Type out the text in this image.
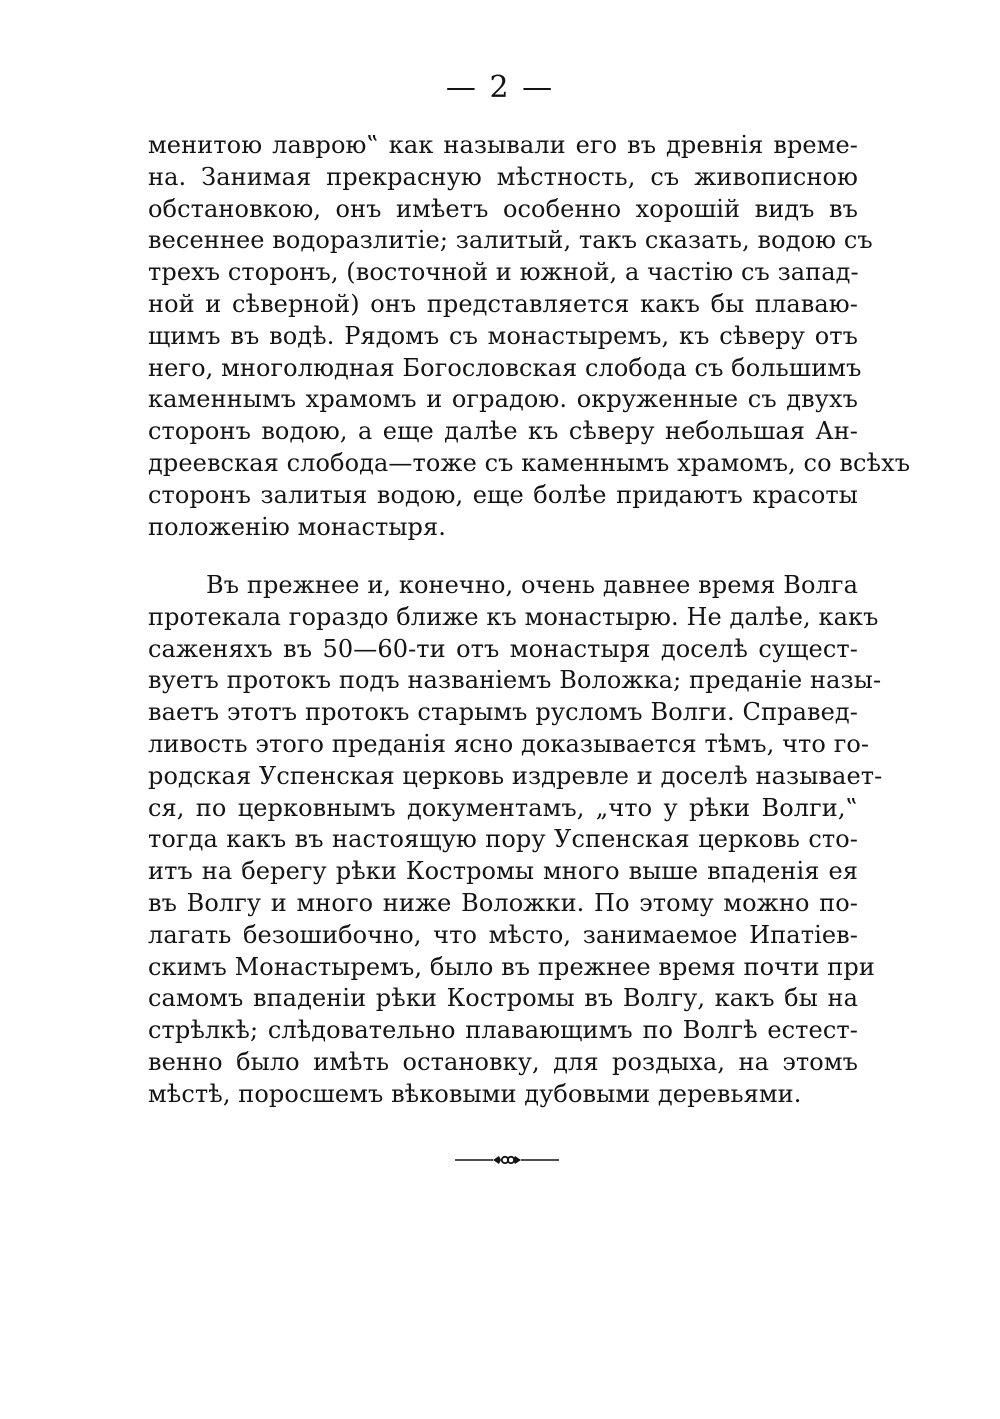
— 2 —
менитою лаврою‟ как называли его въ древнія време-
на. Занимая прекрасную мѣстность, съ живописною
обстановкою, онъ имѣетъ особенно хорошій видъ въ
весеннее водоразлитіе; залитый, такъ сказать, водою съ
трехъ сторонъ, (восточной и южной, а частію съ запад-
ной и сѣверной) онъ представляется какъ бы плаваю-
щимъ въ водѣ. Рядомъ съ монастыремъ, къ сѣверу отъ
него, многолюдная Богословская слобода съ большимъ
каменнымъ храмомъ и оградою. окруженные съ двухъ
сторонъ водою, а еще далѣе къ сѣверу небольшая Ан-
дреевская слобода—тоже съ каменнымъ храмомъ, со всѣхъ
сторонъ залитыя водою, еще болѣе придаютъ красоты
положенію монастыря.
Въ прежнее и, конечно, очень давнее время Волга
протекала гораздо ближе къ монастырю. Не далѣе, какъ
саженяхъ въ 50—60-ти отъ монастыря доселѣ сущест-
вуетъ протокъ подъ названіемъ Воложка; преданіе назы-
ваетъ этотъ протокъ старымъ русломъ Волги. Справед-
ливость этого преданія ясно доказывается тѣмъ, что го-
родская Успенская церковь издревле и доселѣ называет-
ся, по церковнымъ документамъ, „что у рѣки Волги,‟
тогда какъ въ настоящую пору Успенская церковь сто-
итъ на берегу рѣки Костромы много выше впаденія ея
въ Волгу и много ниже Воложки. По этому можно по-
лагать безошибочно, что мѣсто, занимаемое Ипатіев-
скимъ Монастыремъ, было въ прежнее время почти при
самомъ впаденіи рѣки Костромы въ Волгу, какъ бы на
стрѣлкѣ; слѣдовательно плавающимъ по Волгѣ естест-
венно было имѣть остановку, для роздыха, на этомъ
мѣстѣ, поросшемъ вѣковыми дубовыми деревьями.
